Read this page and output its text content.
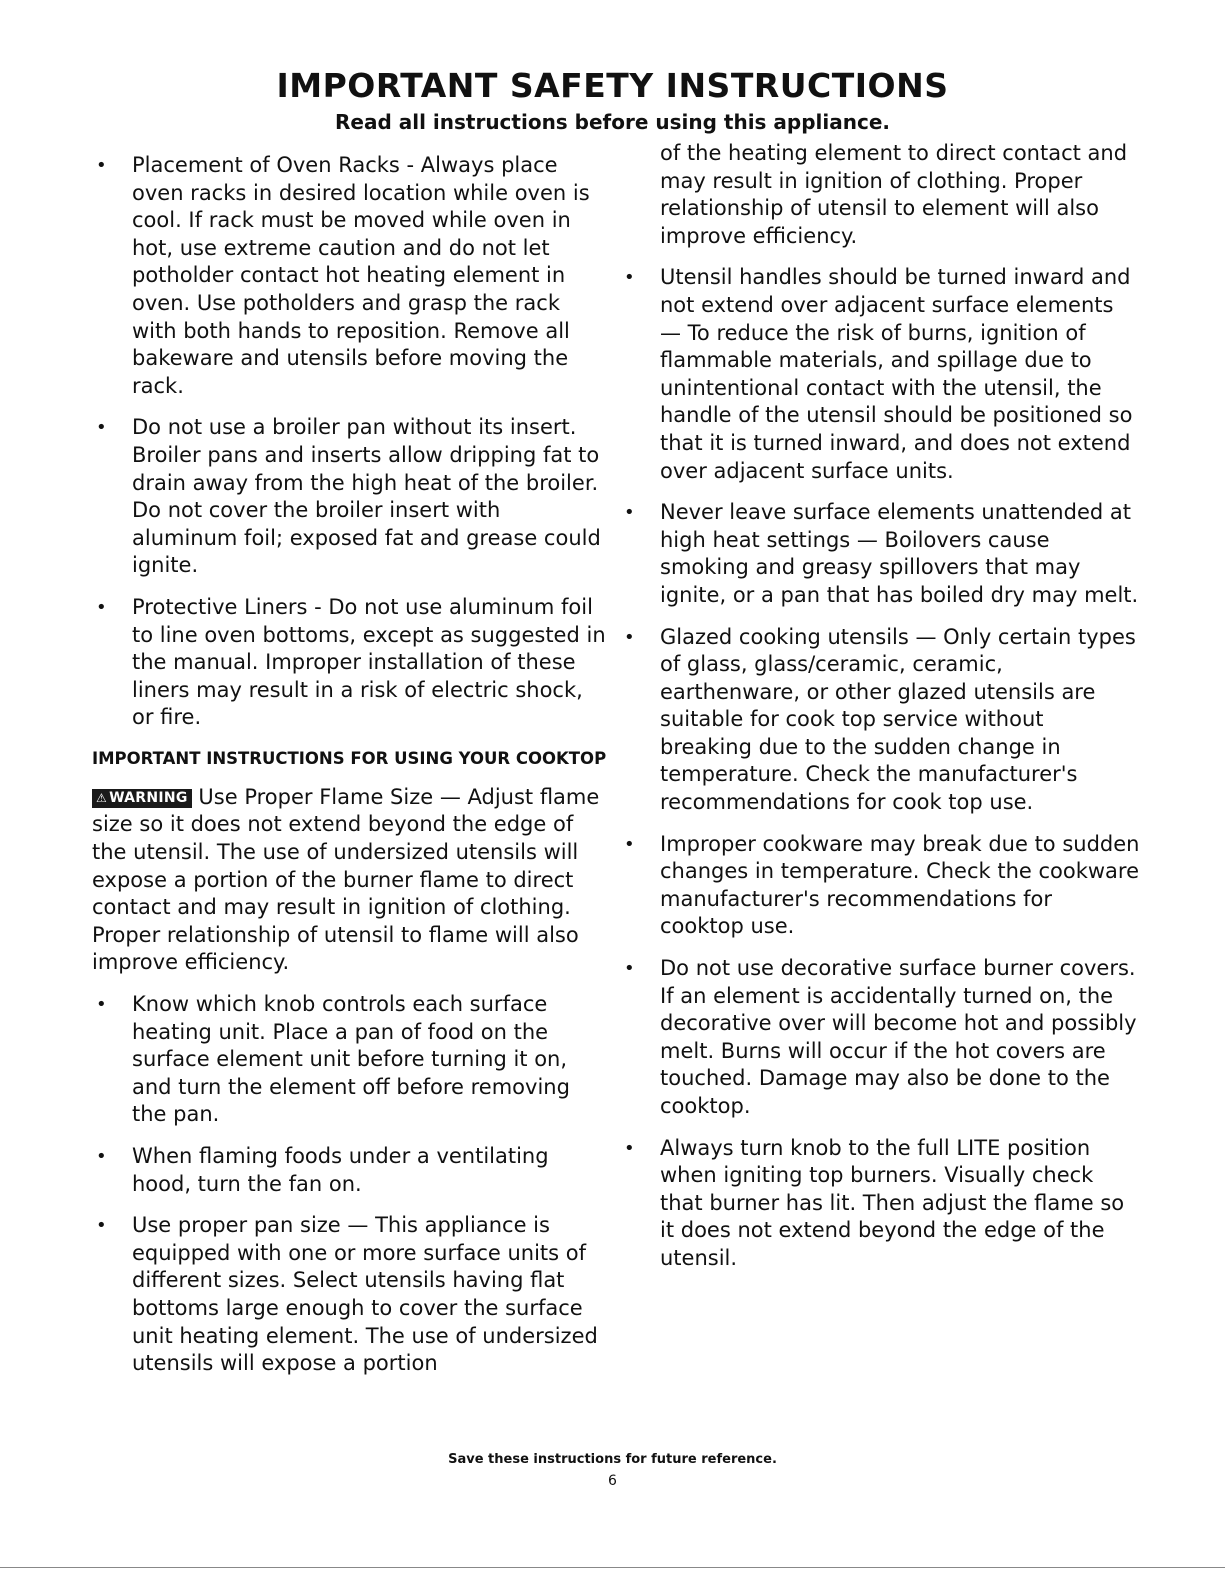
IMPORTANT SAFETY INSTRUCTIONS
Read all instructions before using this appliance.
• Placement of Oven Racks - Always place oven racks in desired location while oven is cool. If rack must be moved while oven in hot, use extreme caution and do not let potholder contact hot heating element in oven. Use potholders and grasp the rack with both hands to reposition. Remove all bakeware and utensils before moving the rack.
• Do not use a broiler pan without its insert. Broiler pans and inserts allow dripping fat to drain away from the high heat of the broiler. Do not cover the broiler insert with aluminum foil; exposed fat and grease could ignite.
• Protective Liners - Do not use aluminum foil to line oven bottoms, except as suggested in the manual. Improper installation of these liners may result in a risk of electric shock, or fire.
IMPORTANT INSTRUCTIONS FOR USING YOUR COOKTOP
⚠ WARNING Use Proper Flame Size — Adjust flame size so it does not extend beyond the edge of the utensil. The use of undersized utensils will expose a portion of the burner flame to direct contact and may result in ignition of clothing. Proper relationship of utensil to flame will also improve efficiency.
• Know which knob controls each surface heating unit. Place a pan of food on the surface element unit before turning it on, and turn the element off before removing the pan.
• When flaming foods under a ventilating hood, turn the fan on.
• Use proper pan size — This appliance is equipped with one or more surface units of different sizes. Select utensils having flat bottoms large enough to cover the surface unit heating element. The use of undersized utensils will expose a portion
of the heating element to direct contact and may result in ignition of clothing. Proper relationship of utensil to element will also improve efficiency.
• Utensil handles should be turned inward and not extend over adjacent surface elements — To reduce the risk of burns, ignition of flammable materials, and spillage due to unintentional contact with the utensil, the handle of the utensil should be positioned so that it is turned inward, and does not extend over adjacent surface units.
• Never leave surface elements unattended at high heat settings — Boilovers cause smoking and greasy spillovers that may ignite, or a pan that has boiled dry may melt.
• Glazed cooking utensils — Only certain types of glass, glass/ceramic, ceramic, earthenware, or other glazed utensils are suitable for cook top service without breaking due to the sudden change in temperature. Check the manufacturer's recommendations for cook top use.
• Improper cookware may break due to sudden changes in temperature. Check the cookware manufacturer's recommendations for cooktop use.
• Do not use decorative surface burner covers. If an element is accidentally turned on, the decorative over will become hot and possibly melt. Burns will occur if the hot covers are touched. Damage may also be done to the cooktop.
• Always turn knob to the full LITE position when igniting top burners. Visually check that burner has lit. Then adjust the flame so it does not extend beyond the edge of the utensil.
Save these instructions for future reference.
6
